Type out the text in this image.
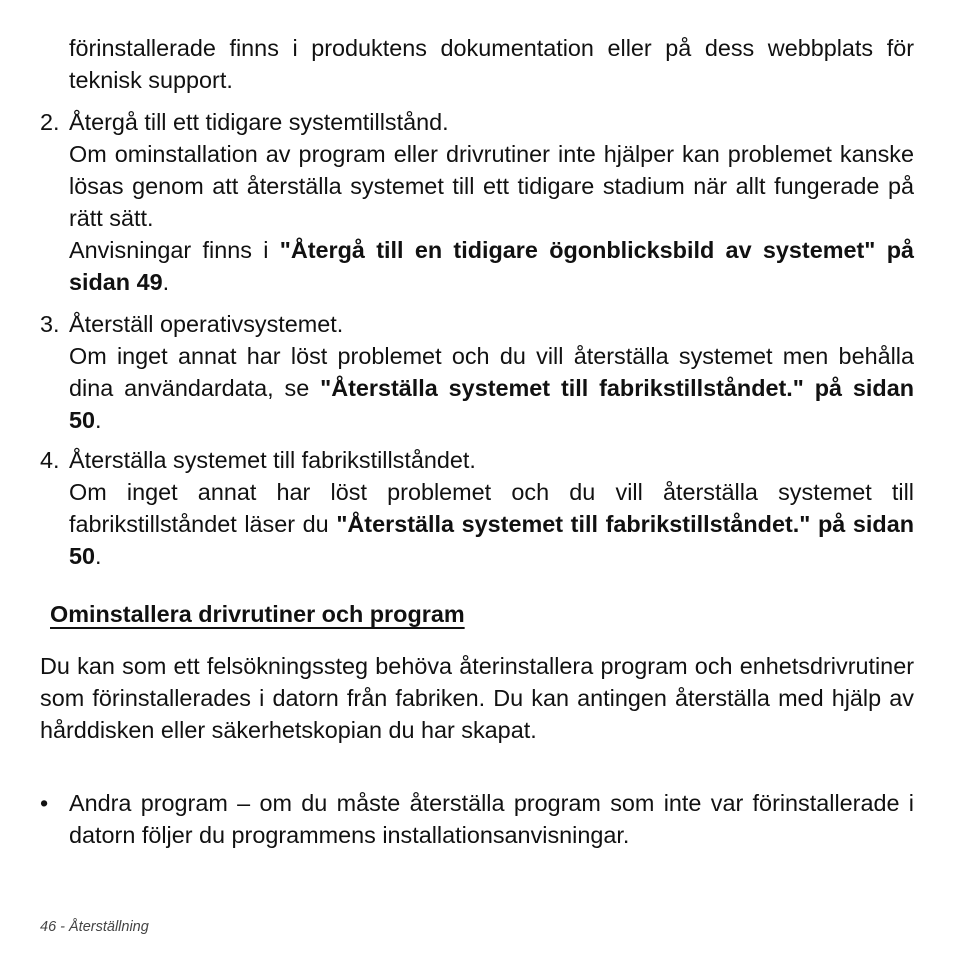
förinstallerade finns i produktens dokumentation eller på dess webbplats för teknisk support.

2. Återgå till ett tidigare systemtillstånd.

Om ominstallation av program eller drivrutiner inte hjälper kan problemet kanske lösas genom att återställa systemet till ett tidigare stadium när allt fungerade på rätt sätt.

Anvisningar finns i "Återgå till en tidigare ögonblicksbild av systemet" på sidan 49.

3. Återställ operativsystemet.

Om inget annat har löst problemet och du vill återställa systemet men behålla dina användardata, se "Återställa systemet till fabrikstillståndet." på sidan 50.

4. Återställa systemet till fabrikstillståndet.

Om inget annat har löst problemet och du vill återställa systemet till fabrikstillståndet läser du "Återställa systemet till fabrikstillståndet." på sidan 50.

Ominstallera drivrutiner och program

Du kan som ett felsökningssteg behöva återinstallera program och enhetsdrivrutiner som förinstallerades i datorn från fabriken. Du kan antingen återställa med hjälp av hårddisken eller säkerhetskopian du har skapat.

• Andra program – om du måste återställa program som inte var förinstallerade i datorn följer du programmens installationsanvisningar.

46 - Återställning
